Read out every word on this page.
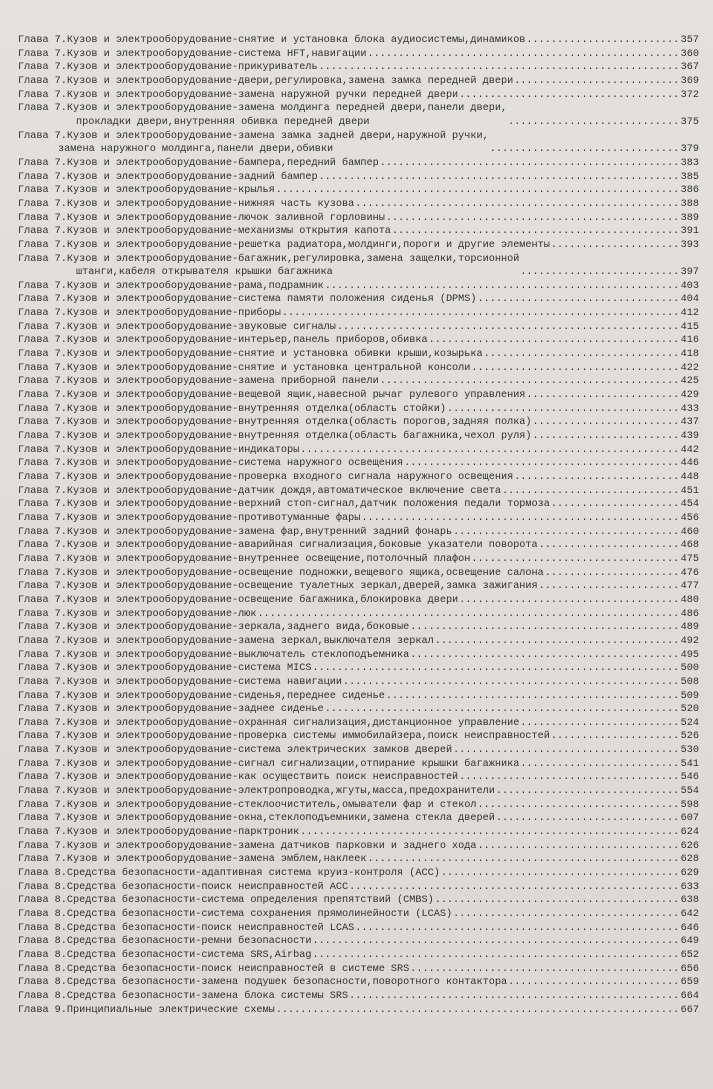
Глава 7.Кузов и электрооборудование-снятие и установка блока аудиосистемы,динамиков .....	357
Глава 7.Кузов и электрооборудование-система HFT,навигации .....	360
Глава 7.Кузов и электрооборудование-прикуриватель .....	367
Глава 7.Кузов и электрооборудование-двери,регулировка,замена замка передней двери .....	369
Глава 7.Кузов и электрооборудование-замена наружной ручки передней двери .....	372
Глава 7.Кузов и электрооборудование-замена молдинга передней двери,панели двери,
прокладки двери,внутренняя обивка передней двери .....	375
Глава 7.Кузов и электрооборудование-замена замка задней двери,наружной ручки,
замена наружного молдинга,панели двери,обивки .....	379
Глава 7.Кузов и электрооборудование-бампера,передний бампер .....	383
Глава 7.Кузов и электрооборудование-задний бампер .....	385
Глава 7.Кузов и электрооборудование-крылья .....	386
Глава 7.Кузов и электрооборудование-нижняя часть кузова .....	388
Глава 7.Кузов и электрооборудование-лючок заливной горловины .....	389
Глава 7.Кузов и электрооборудование-механизмы открытия капота .....	391
Глава 7.Кузов и электрооборудование-решетка радиатора,молдинги,пороги и другие элементы .....	393
Глава 7.Кузов и электрооборудование-багажник,регулировка,замена защелки,торсионной
штанги,кабеля открывателя крышки багажника .....	397
Глава 7.Кузов и электрооборудование-рама,подрамник .....	403
Глава 7.Кузов и электрооборудование-система памяти положения сиденья (DPMS) .....	404
Глава 7.Кузов и электрооборудование-приборы .....	412
Глава 7.Кузов и электрооборудование-звуковые сигналы .....	415
Глава 7.Кузов и электрооборудование-интерьер,панель приборов,обивка .....	416
Глава 7.Кузов и электрооборудование-снятие и установка обивки крыши,козырька .....	418
Глава 7.Кузов и электрооборудование-снятие и установка центральной консоли .....	422
Глава 7.Кузов и электрооборудование-замена приборной панели .....	425
Глава 7.Кузов и электрооборудование-вещевой ящик,навесной рычаг рулевого управления .....	429
Глава 7.Кузов и электрооборудование-внутренняя отделка(область стойки) .....	433
Глава 7.Кузов и электрооборудование-внутренняя отделка(область порогов,задняя полка) .....	437
Глава 7.Кузов и электрооборудование-внутренняя отделка(область багажника,чехол руля) .....	439
Глава 7.Кузов и электрооборудование-индикаторы .....	442
Глава 7.Кузов и электрооборудование-система наружного освещения .....	446
Глава 7.Кузов и электрооборудование-проверка входного сигнала наружного освещения .....	448
Глава 7.Кузов и электрооборудование-датчик дождя,автоматическое включение света .....	451
Глава 7.Кузов и электрооборудование-верхний стоп-сигнал,датчик положения педали тормоза .....	454
Глава 7.Кузов и электрооборудование-противотуманные фары .....	456
Глава 7.Кузов и электрооборудование-замена фар,внутренний задний фонарь .....	460
Глава 7.Кузов и электрооборудование-аварийная сигнализация,боковые указатели поворота .....	468
Глава 7.Кузов и электрооборудование-внутреннее освещение,потолочный плафон .....	475
Глава 7.Кузов и электрооборудование-освещение подножки,вещевого ящика,освещение салона .....	476
Глава 7.Кузов и электрооборудование-освещение туалетных зеркал,дверей,замка зажигания .....	477
Глава 7.Кузов и электрооборудование-освещение багажника,блокировка двери .....	480
Глава 7.Кузов и электрооборудование-люк .....	486
Глава 7.Кузов и электрооборудование-зеркала,заднего вида,боковые .....	489
Глава 7.Кузов и электрооборудование-замена зеркал,выключателя зеркал .....	492
Глава 7.Кузов и электрооборудование-выключатель стеклоподъемника .....	495
Глава 7.Кузов и электрооборудование-система MICS .....	500
Глава 7.Кузов и электрооборудование-система навигации .....	508
Глава 7.Кузов и электрооборудование-сиденья,переднее сиденье .....	509
Глава 7.Кузов и электрооборудование-заднее сиденье .....	520
Глава 7.Кузов и электрооборудование-охранная сигнализация,дистанционное управление .....	524
Глава 7.Кузов и электрооборудование-проверка системы иммобилайзера,поиск неисправностей .....	526
Глава 7.Кузов и электрооборудование-система электрических замков дверей .....	530
Глава 7.Кузов и электрооборудование-сигнал сигнализации,отпирание крышки багажника .....	541
Глава 7.Кузов и электрооборудование-как осуществить поиск неисправностей .....	546
Глава 7.Кузов и электрооборудование-электропроводка,жгуты,масса,предохранители .....	554
Глава 7.Кузов и электрооборудование-стеклоочиститель,омыватели фар и стекол .....	598
Глава 7.Кузов и электрооборудование-окна,стеклоподъемники,замена стекла дверей .....	607
Глава 7.Кузов и электрооборудование-парктроник .....	624
Глава 7.Кузов и электрооборудование-замена датчиков парковки и заднего хода .....	626
Глава 7.Кузов и электрооборудование-замена эмблем,наклеек .....	628
Глава 8.Средства безопасности-адаптивная система круиз-контроля (АСС) .....	629
Глава 8.Средства безопасности-поиск неисправностей АСС .....	633
Глава 8.Средства безопасности-система определения препятствий (CMBS) .....	638
Глава 8.Средства безопасности-система сохранения прямолинейности (LCAS) .....	642
Глава 8.Средства безопасности-поиск неисправностей LCAS .....	646
Глава 8.Средства безопасности-ремни безопасности .....	649
Глава 8.Средства безопасности-система SRS,Airbag .....	652
Глава 8.Средства безопасности-поиск неисправностей в системе SRS .....	656
Глава 8.Средства безопасности-замена подушек безопасности,поворотного контактора .....	659
Глава 8.Средства безопасности-замена блока системы SRS .....	664
Глава 9.Принципиальные электрические схемы .....	667
